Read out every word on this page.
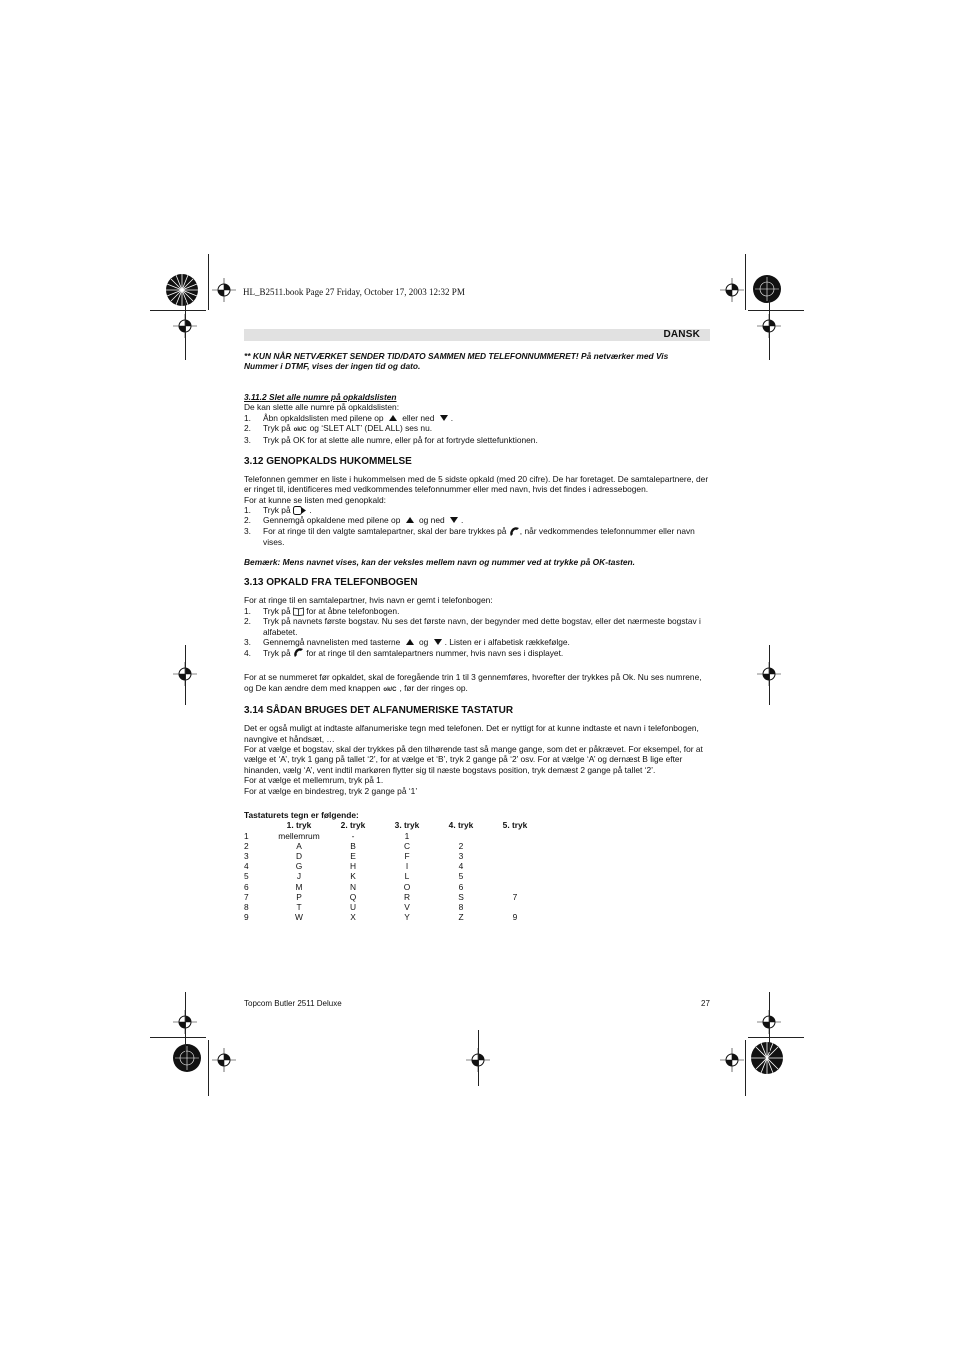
HL_B2511.book Page 27 Friday, October 17, 2003 12:32 PM
DANSK

** KUN NÅR NETVÆRKET SENDER TID/DATO SAMMEN MED TELEFONNUMMERET! På netværker med Vis Nummer i DTMF, vises der ingen tid og dato.

3.11.2 Slet alle numre på opkaldslisten

De kan slette alle numre på opkaldslisten:

1.	Åbn opkaldslisten med pilene op eller ned .
2.	Tryk på ok/C og ‘SLET ALT’ (DEL ALL) ses nu.
3.	Tryk på OK for at slette alle numre, eller på for at fortryde slettefunktionen.
3.12 GENOPKALDS HUKOMMELSE

Telefonnen gemmer en liste i hukommelsen med de 5 sidste opkald (med 20 cifre). De har foretaget. De samtalepartnere, der er ringet til, identificeres med vedkommendes telefonnummer eller med navn, hvis det findes i adressebogen.

For at kunne se listen med genopkald:

1.	Tryk på .
2.	Gennemgå opkaldene med pilene op og ned .
3.	For at ringe til den valgte samtalepartner, skal der bare trykkes på , når vedkommendes telefonnummer eller navn vises.

Bemærk: Mens navnet vises, kan der veksles mellem navn og nummer ved at trykke på OK-tasten.

3.13 OPKALD FRA TELEFONBOGEN

For at ringe til en samtalepartner, hvis navn er gemt i telefonbogen:

1.	Tryk på for at åbne telefonbogen.
2.	Tryk på navnets første bogstav. Nu ses det første navn, der begynder med dette bogstav, eller det nærmeste bogstav i alfabetet.
3.	Gennemgå navnelisten med tasterne og . Listen er i alfabetisk rækkefølge.
4.	Tryk på for at ringe til den samtalepartners nummer, hvis navn ses i displayet.

For at se nummeret før opkaldet, skal de foregående trin 1 til 3 gennemføres, hvorefter der trykkes på Ok. Nu ses numrene, og De kan ændre dem med knappen ok/C , før der ringes op.

3.14 SÅDAN BRUGES DET ALFANUMERISKE TASTATUR

Det er også muligt at indtaste alfanumeriske tegn med telefonen. Det er nyttigt for at kunne indtaste et navn i telefonbogen, navngive et håndsæt, …

For at vælge et bogstav, skal der trykkes på den tilhørende tast så mange gange, som det er påkrævet. For eksempel, for at vælge et ‘A’, tryk 1 gang på tallet ‘2’, for at vælge et ‘B’, tryk 2 gange på ‘2’ osv. For at vælge ‘A’ og dernæst B lige efter hinanden, vælg ‘A’, vent indtil markøren flytter sig til næste bogstavs position, tryk demæst 2 gange på tallet ‘2’.

For at vælge et mellemrum, tryk på 1.

For at vælge en bindestreg, tryk 2 gange på ‘1’

Tastaturets tegn er følgende:

	1. tryk	2. tryk	3. tryk	4. tryk	5. tryk
1	mellemrum	-	1		
2	A	B	C	2	
3	D	E	F	3	
4	G	H	I	4	
5	J	K	L	5	
6	M	N	O	6	
7	P	Q	R	S	7
8	T	U	V	8	
9	W	X	Y	Z	9
Topcom Butler 2511 Deluxe	27
